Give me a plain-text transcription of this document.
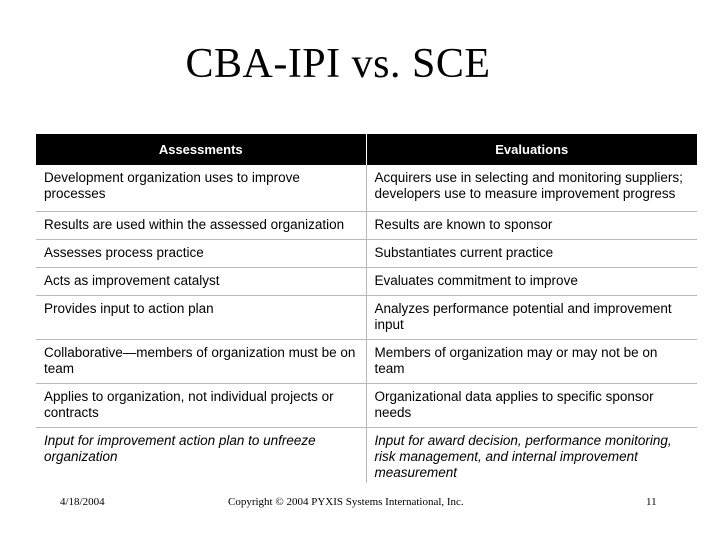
CBA-IPI vs. SCE
Assessments	Evaluations
Development organization uses to improve processes	Acquirers use in selecting and monitoring suppliers; developers use to measure improvement progress
Results are used within the assessed organization	Results are known to sponsor
Assesses process practice	Substantiates current practice
Acts as improvement catalyst	Evaluates commitment to improve
Provides input to action plan	Analyzes performance potential and improvement input
Collaborative—members of organization must be on team	Members of organization may or may not be on team
Applies to organization, not individual projects or contracts	Organizational data applies to specific sponsor needs
Input for improvement action plan to unfreeze organization	Input for award decision, performance monitoring, risk management, and internal improvement measurement
4/18/2004	Copyright © 2004 PYXIS Systems International, Inc.	11
